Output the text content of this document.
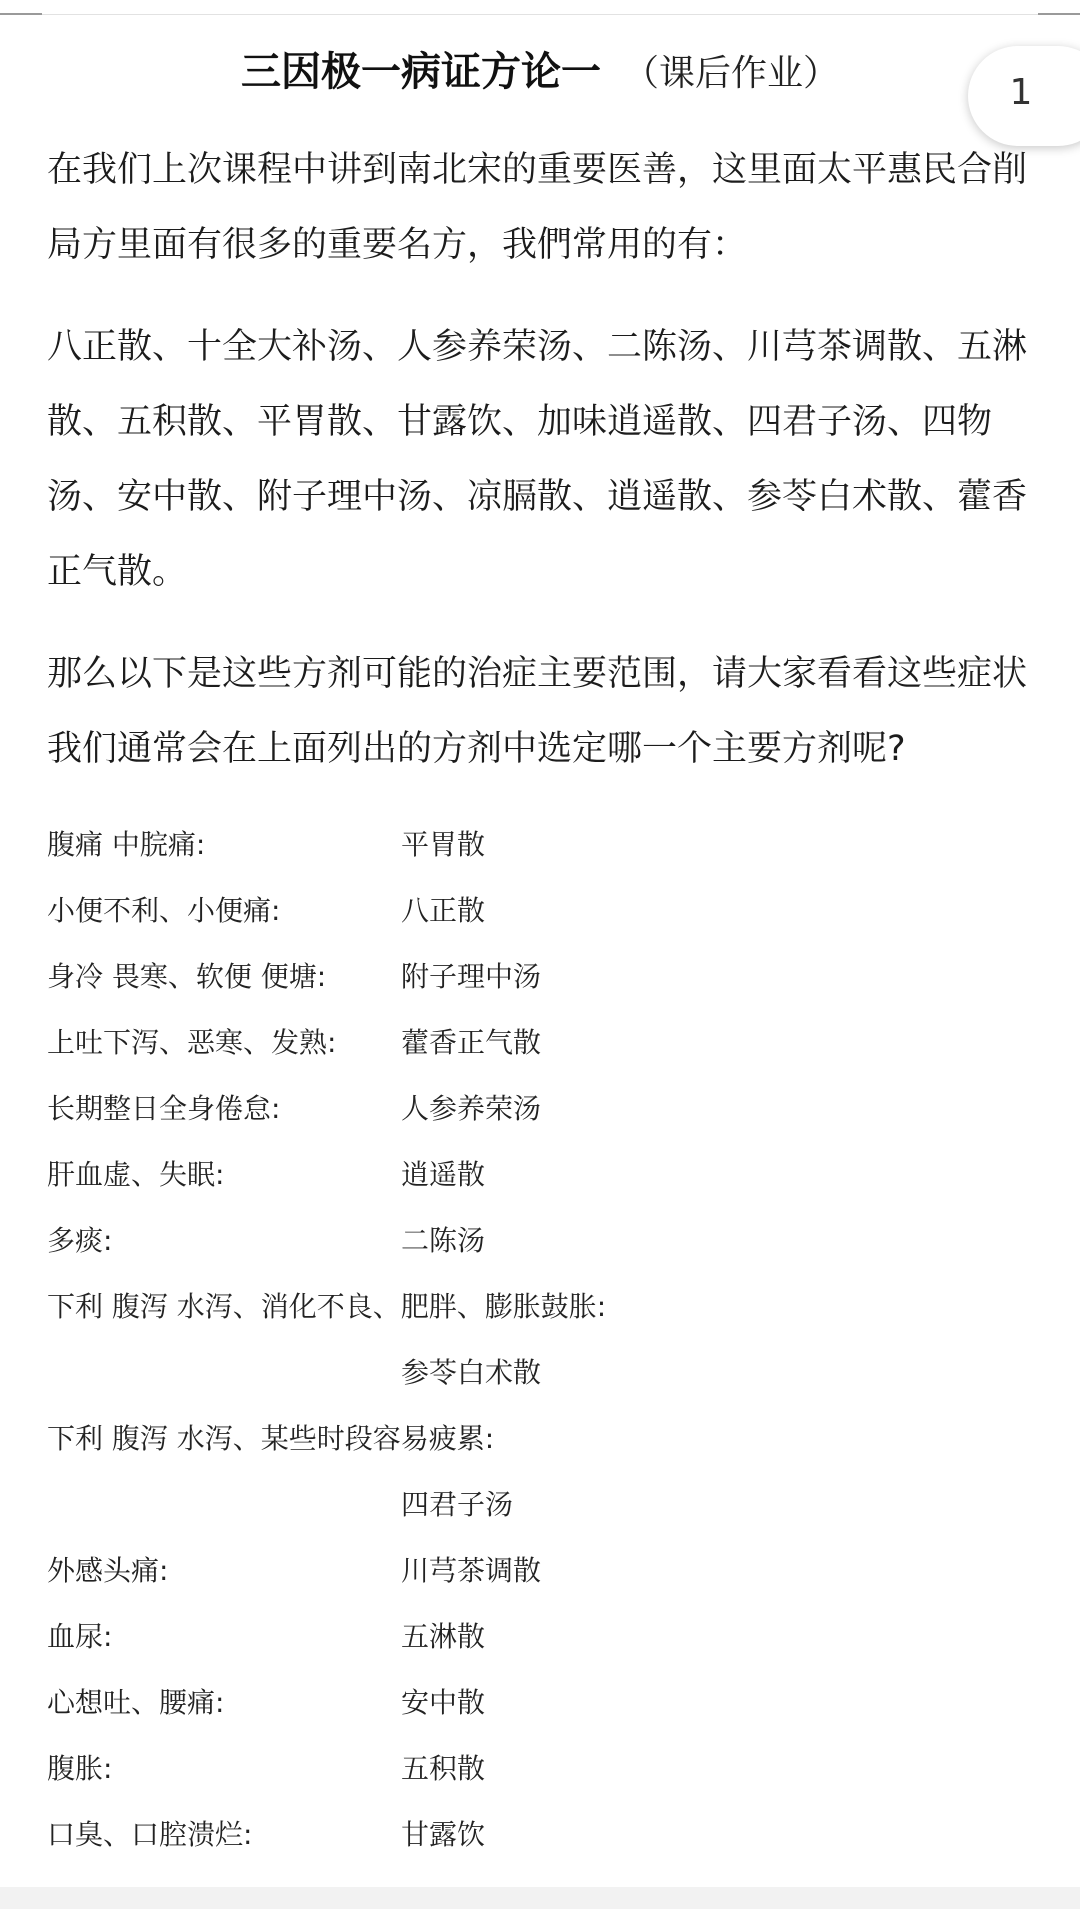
三因极一病证方论一 （课后作业）	1

在我们上次课程中讲到南北宋的重要医善，这里面太平惠民合削局方里面有很多的重要名方，我們常用的有：

八正散、十全大补汤、人参养荣汤、二陈汤、川芎茶调散、五淋散、五积散、平胃散、甘露饮、加味逍遥散、四君子汤、四物汤、安中散、附子理中汤、凉膈散、逍遥散、参苓白术散、藿香正气散。

那么以下是这些方剂可能的治症主要范围，请大家看看这些症状我们通常会在上面列出的方剂中选定哪一个主要方剂呢?

腹痛 中脘痛:	平胃散
小便不利、小便痛:	八正散
身冷 畏寒、软便 便塘:	附子理中汤
上吐下泻、恶寒、发熟:	藿香正气散
长期整日全身倦怠:	人参养荣汤
肝血虚、失眠:	逍遥散
多痰:	二陈汤
下利 腹泻 水泻、消化不良、肥胖、膨胀鼓胀:
参苓白术散
下利 腹泻 水泻、某些时段容易疲累:
四君子汤
外感头痛:	川芎茶调散
血尿:	五淋散
心想吐、腰痛:	安中散
腹胀:	五积散
口臭、口腔溃烂:	甘露饮
